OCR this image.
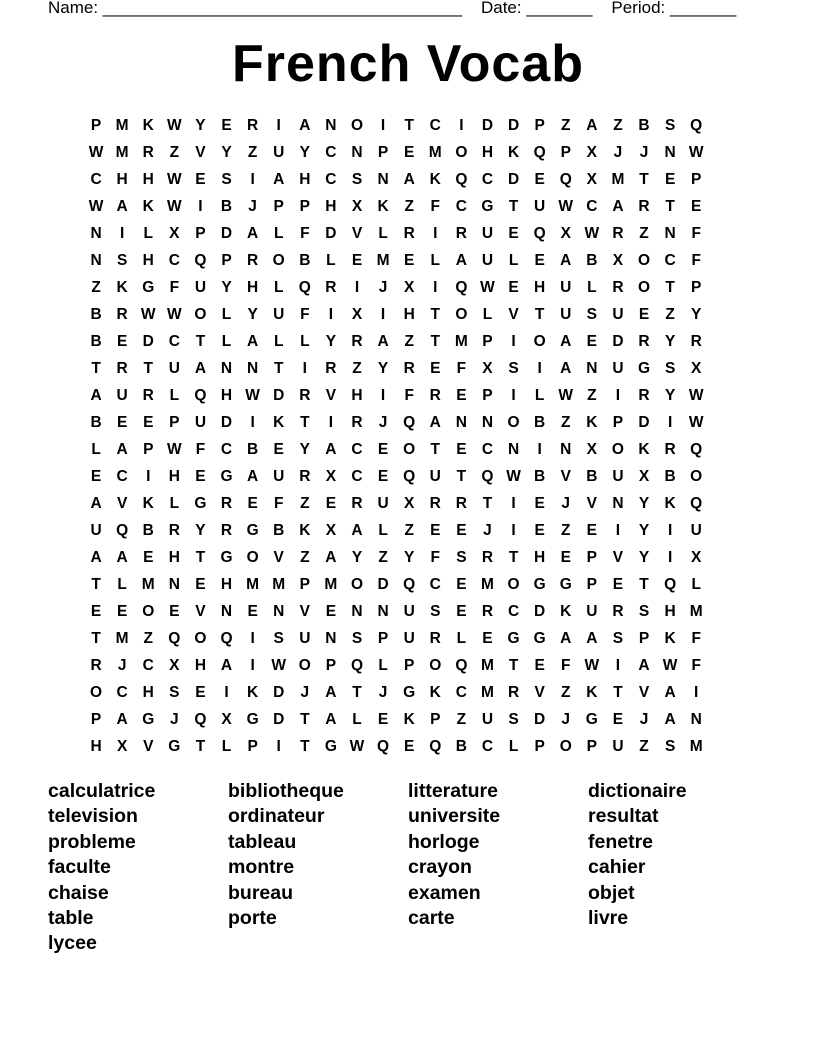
Name: ______________________________________    Date: _______    Period: _______
French Vocab
P M K W Y	E R	I	A N O	I	T	C	I	D D P	Z	A	Z	B S Q
W M R	Z	V	Y	Z	U Y C N P	E M O H K Q P	X	J	J	N W
C H H W E	S	I	A H C S N A K Q C D E Q X M T	E	P
W A K W	I	B	J	P	P H X K	Z	F	C G T	U W C A R	T	E
N	I	L	X	P D A	L	F	D V	L	R	I	R U E Q X W R	Z	N	F
N S H C Q P R O B	L	E M E	L	A U	L	E A B X O C	F
Z	K G F	U Y H	L Q R	I	J	X	I	Q W E H U	L	R O T	P
B R W W O L	Y U	F	I	X	I	H	T O L	V	T	U S U E	Z	Y
B E D C	T	L	A	L	L	Y R A	Z	T M P	I	O A E D R Y R
T	R	T	U A N N	T	I	R	Z	Y R E	F	X	S	I	A N U G S	X
A U R	L Q H W D R V H	I	F	R E	P	I	L W Z	I	R Y W
B E	E	P U D	I	K	T	I	R	J	Q A N N O B	Z	K P D	I	W
L	A P W F	C B E	Y A C E O T	E C N	I	N X O K R Q
E C	I	H E G A U R X C E Q U	T Q W B V B U X B O
A V K	L G R E	F	Z	E R U X R R	T	I	E	J	V N Y K Q
U Q B R Y R G B K X A	L	Z	E	E	J	I	E	Z	E	I	Y	I	U
A A E H	T G O V	Z	A Y	Z	Y	F	S R	T	H E	P	V	Y	I	X
T	L M N E H M M P M O D Q C E M O G G P	E	T Q L
E	E O E	V N E N V	E N N U S	E R C D K U R S H M
T M Z Q O Q	I	S U N S	P U R	L	E G G A A S	P K	F
R	J	C X H A	I	W O P Q L	P O Q M T	E	F W	I	A W F
O C H S	E	I	K D	J	A	T	J	G K C M R V	Z	K	T	V A	I
P A G	J	Q X G D	T	A	L	E K P	Z	U S D	J	G E	J	A N
H X	V G T	L	P	I	T G W Q E Q B C	L	P O P U	Z	S M
calculatrice	bibliotheque	litterature	dictionaire
television	ordinateur	universite	resultat
probleme	tableau	horloge	fenetre
faculte	montre	crayon	cahier
chaise	bureau	examen	objet
table	porte	carte	livre
lycee
